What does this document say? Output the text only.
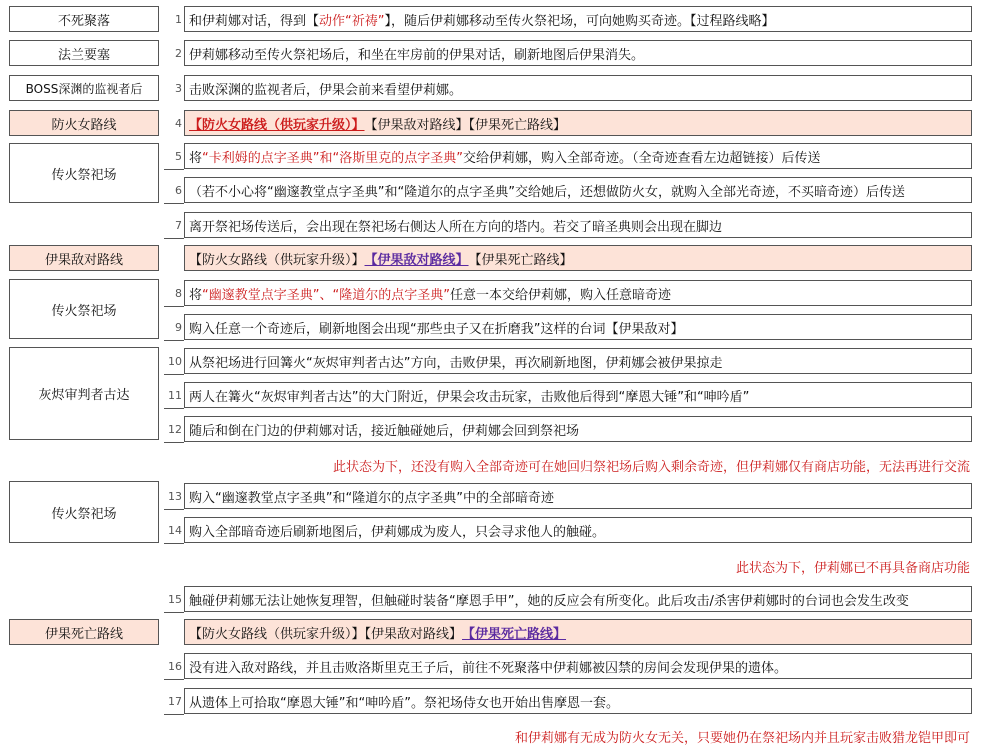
不死聚落	1 和伊莉娜对话，得到【 动作“祈祷” 】，随后伊莉娜移动至传火祭祀场，可向她购买奇迹。【过程路线略】
法兰要塞	2 伊莉娜移动至传火祭祀场后，和坐在牢房前的伊果对话，刷新地图后伊果消失。
BOSS深渊的监视者后	3 击败深渊的监视者后，伊果会前来看望伊莉娜。
防火女路线	4 【防火女路线（供玩家升级）】 【伊果敌对路线】【伊果死亡路线】
传火祭祀场
5 将 “卡利姆的点字圣典” 和 “洛斯里克的点字圣典” 交给伊莉娜，购入全部奇迹。（全奇迹查看左边超链接）后传送
6 （若不小心将“幽邃教堂点字圣典”和“隆道尔的点字圣典”交给她后，还想做防火女，就购入全部光奇迹，不买暗奇迹）后传送
7 离开祭祀场传送后，会出现在祭祀场右侧达人所在方向的塔内。若交了暗圣典则会出现在脚边
伊果敌对路线	【防火女路线（供玩家升级）】 【伊果敌对路线】 【伊果死亡路线】
传火祭祀场
8 将 “幽邃教堂点字圣典”、“隆道尔的点字圣典” 任意一本交给伊莉娜，购入任意暗奇迹
9 购入任意一个奇迹后，刷新地图会出现“那些虫子又在折磨我”这样的台词【伊果敌对】
灰烬审判者古达
10 从祭祀场进行回篝火“灰烬审判者古达”方向，击败伊果，再次刷新地图，伊莉娜会被伊果掠走
11 两人在篝火“灰烬审判者古达”的大门附近，伊果会攻击玩家，击败他后得到“摩恩大锤”和“呻吟盾”
12 随后和倒在门边的伊莉娜对话，接近触碰她后，伊莉娜会回到祭祀场
此状态为下，还没有购入全部奇迹可在她回归祭祀场后购入剩余奇迹，但伊莉娜仅有商店功能，无法再进行交流
传火祭祀场
13 购入“幽邃教堂点字圣典”和“隆道尔的点字圣典”中的全部暗奇迹
14 购入全部暗奇迹后刷新地图后，伊莉娜成为废人，只会寻求他人的触碰。
此状态为下，伊莉娜已不再具备商店功能
15 触碰伊莉娜无法让她恢复理智，但触碰时装备“摩恩手甲”，她的反应会有所变化。此后攻击/杀害伊莉娜时的台词也会发生改变
伊果死亡路线	【防火女路线（供玩家升级）】【伊果敌对路线】 【伊果死亡路线】
16 没有进入敌对路线，并且击败洛斯里克王子后，前往不死聚落中伊莉娜被囚禁的房间会发现伊果的遗体。
17 从遗体上可拾取“摩恩大锤”和“呻吟盾”。祭祀场侍女也开始出售摩恩一套。
和伊莉娜有无成为防火女无关，只要她仍在祭祀场内并且玩家击败猎龙铠甲即可
